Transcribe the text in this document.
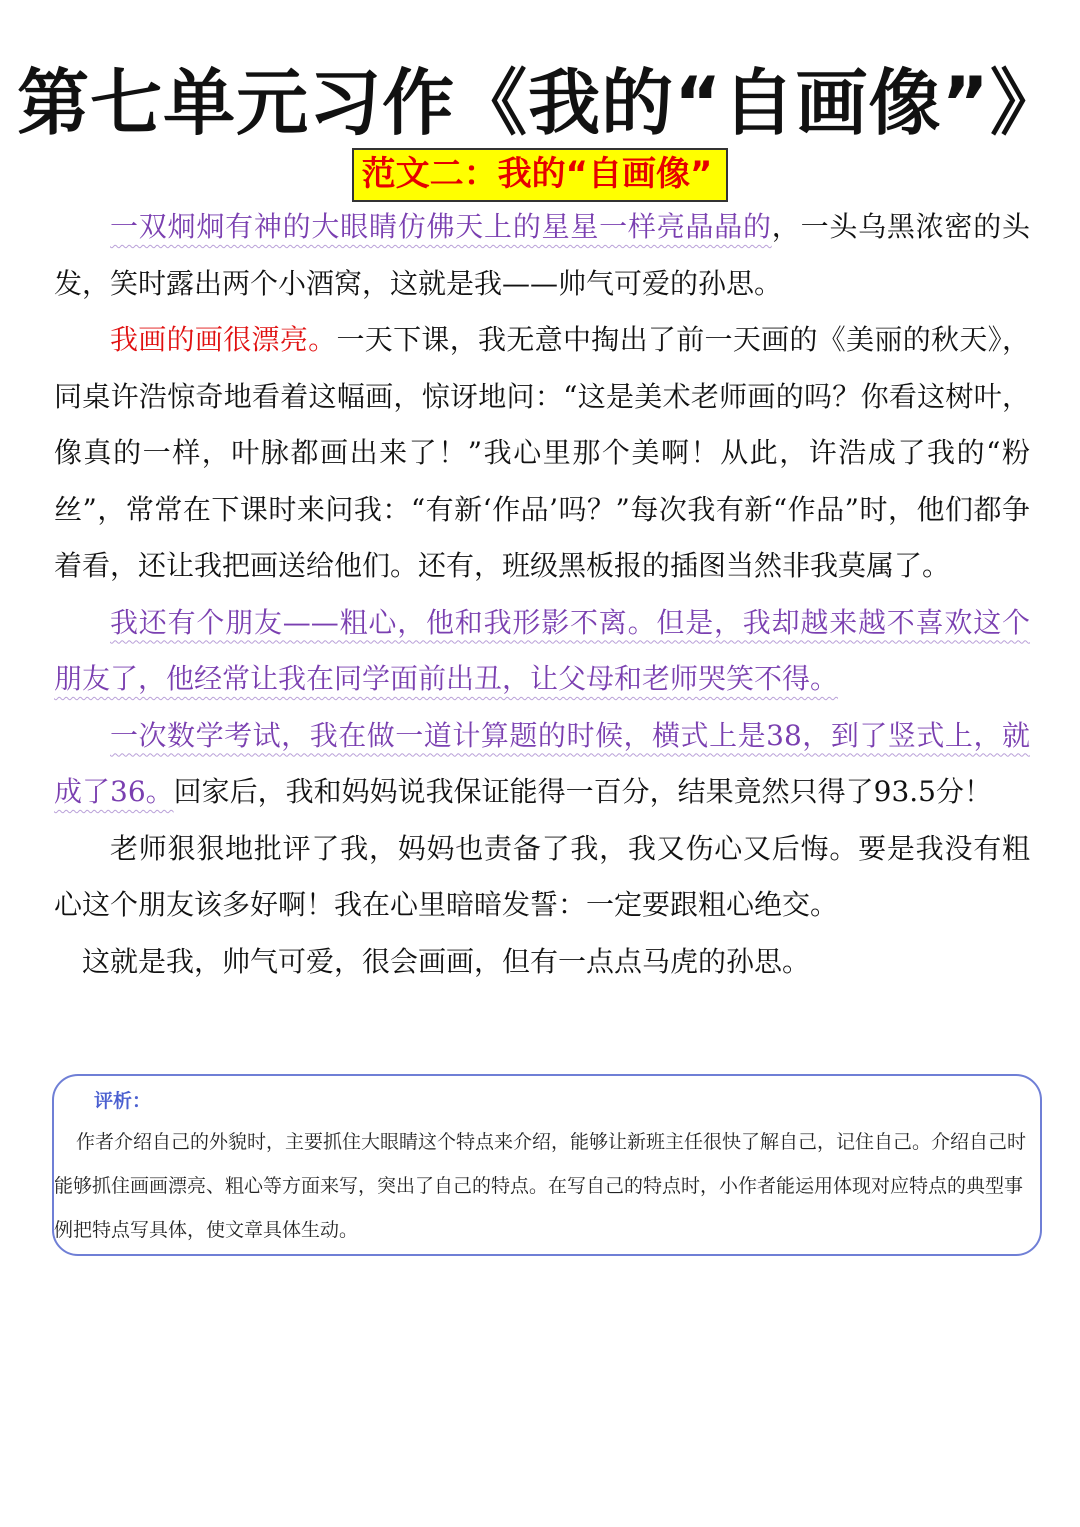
第七单元习作《我的“自画像”》
范文二：我的“自画像”

一双炯炯有神的大眼睛仿佛天上的星星一样亮晶晶的，一头乌黑浓密的头发，笑时露出两个小酒窝，这就是我——帅气可爱的孙思。

我画的画很漂亮。一天下课，我无意中掏出了前一天画的《美丽的秋天》，同桌许浩惊奇地看着这幅画，惊讶地问：“这是美术老师画的吗？你看这树叶，像真的一样，叶脉都画出来了！”我心里那个美啊！从此，许浩成了我的“粉丝”，常常在下课时来问我：“有新‘作品’吗？”每次我有新“作品”时，他们都争着看，还让我把画送给他们。还有，班级黑板报的插图当然非我莫属了。

我还有个朋友——粗心，他和我形影不离。但是，我却越来越不喜欢这个朋友了，他经常让我在同学面前出丑，让父母和老师哭笑不得。

一次数学考试，我在做一道计算题的时候，横式上是38，到了竖式上，就成了36。回家后，我和妈妈说我保证能得一百分，结果竟然只得了93.5分！

老师狠狠地批评了我，妈妈也责备了我，我又伤心又后悔。要是我没有粗心这个朋友该多好啊！我在心里暗暗发誓：一定要跟粗心绝交。

这就是我，帅气可爱，很会画画，但有一点点马虎的孙思。

评析：

作者介绍自己的外貌时，主要抓住大眼睛这个特点来介绍，能够让新班主任很快了解自己，记住自己。介绍自己时能够抓住画画漂亮、粗心等方面来写，突出了自己的特点。在写自己的特点时，小作者能运用体现对应特点的典型事例把特点写具体，使文章具体生动。
